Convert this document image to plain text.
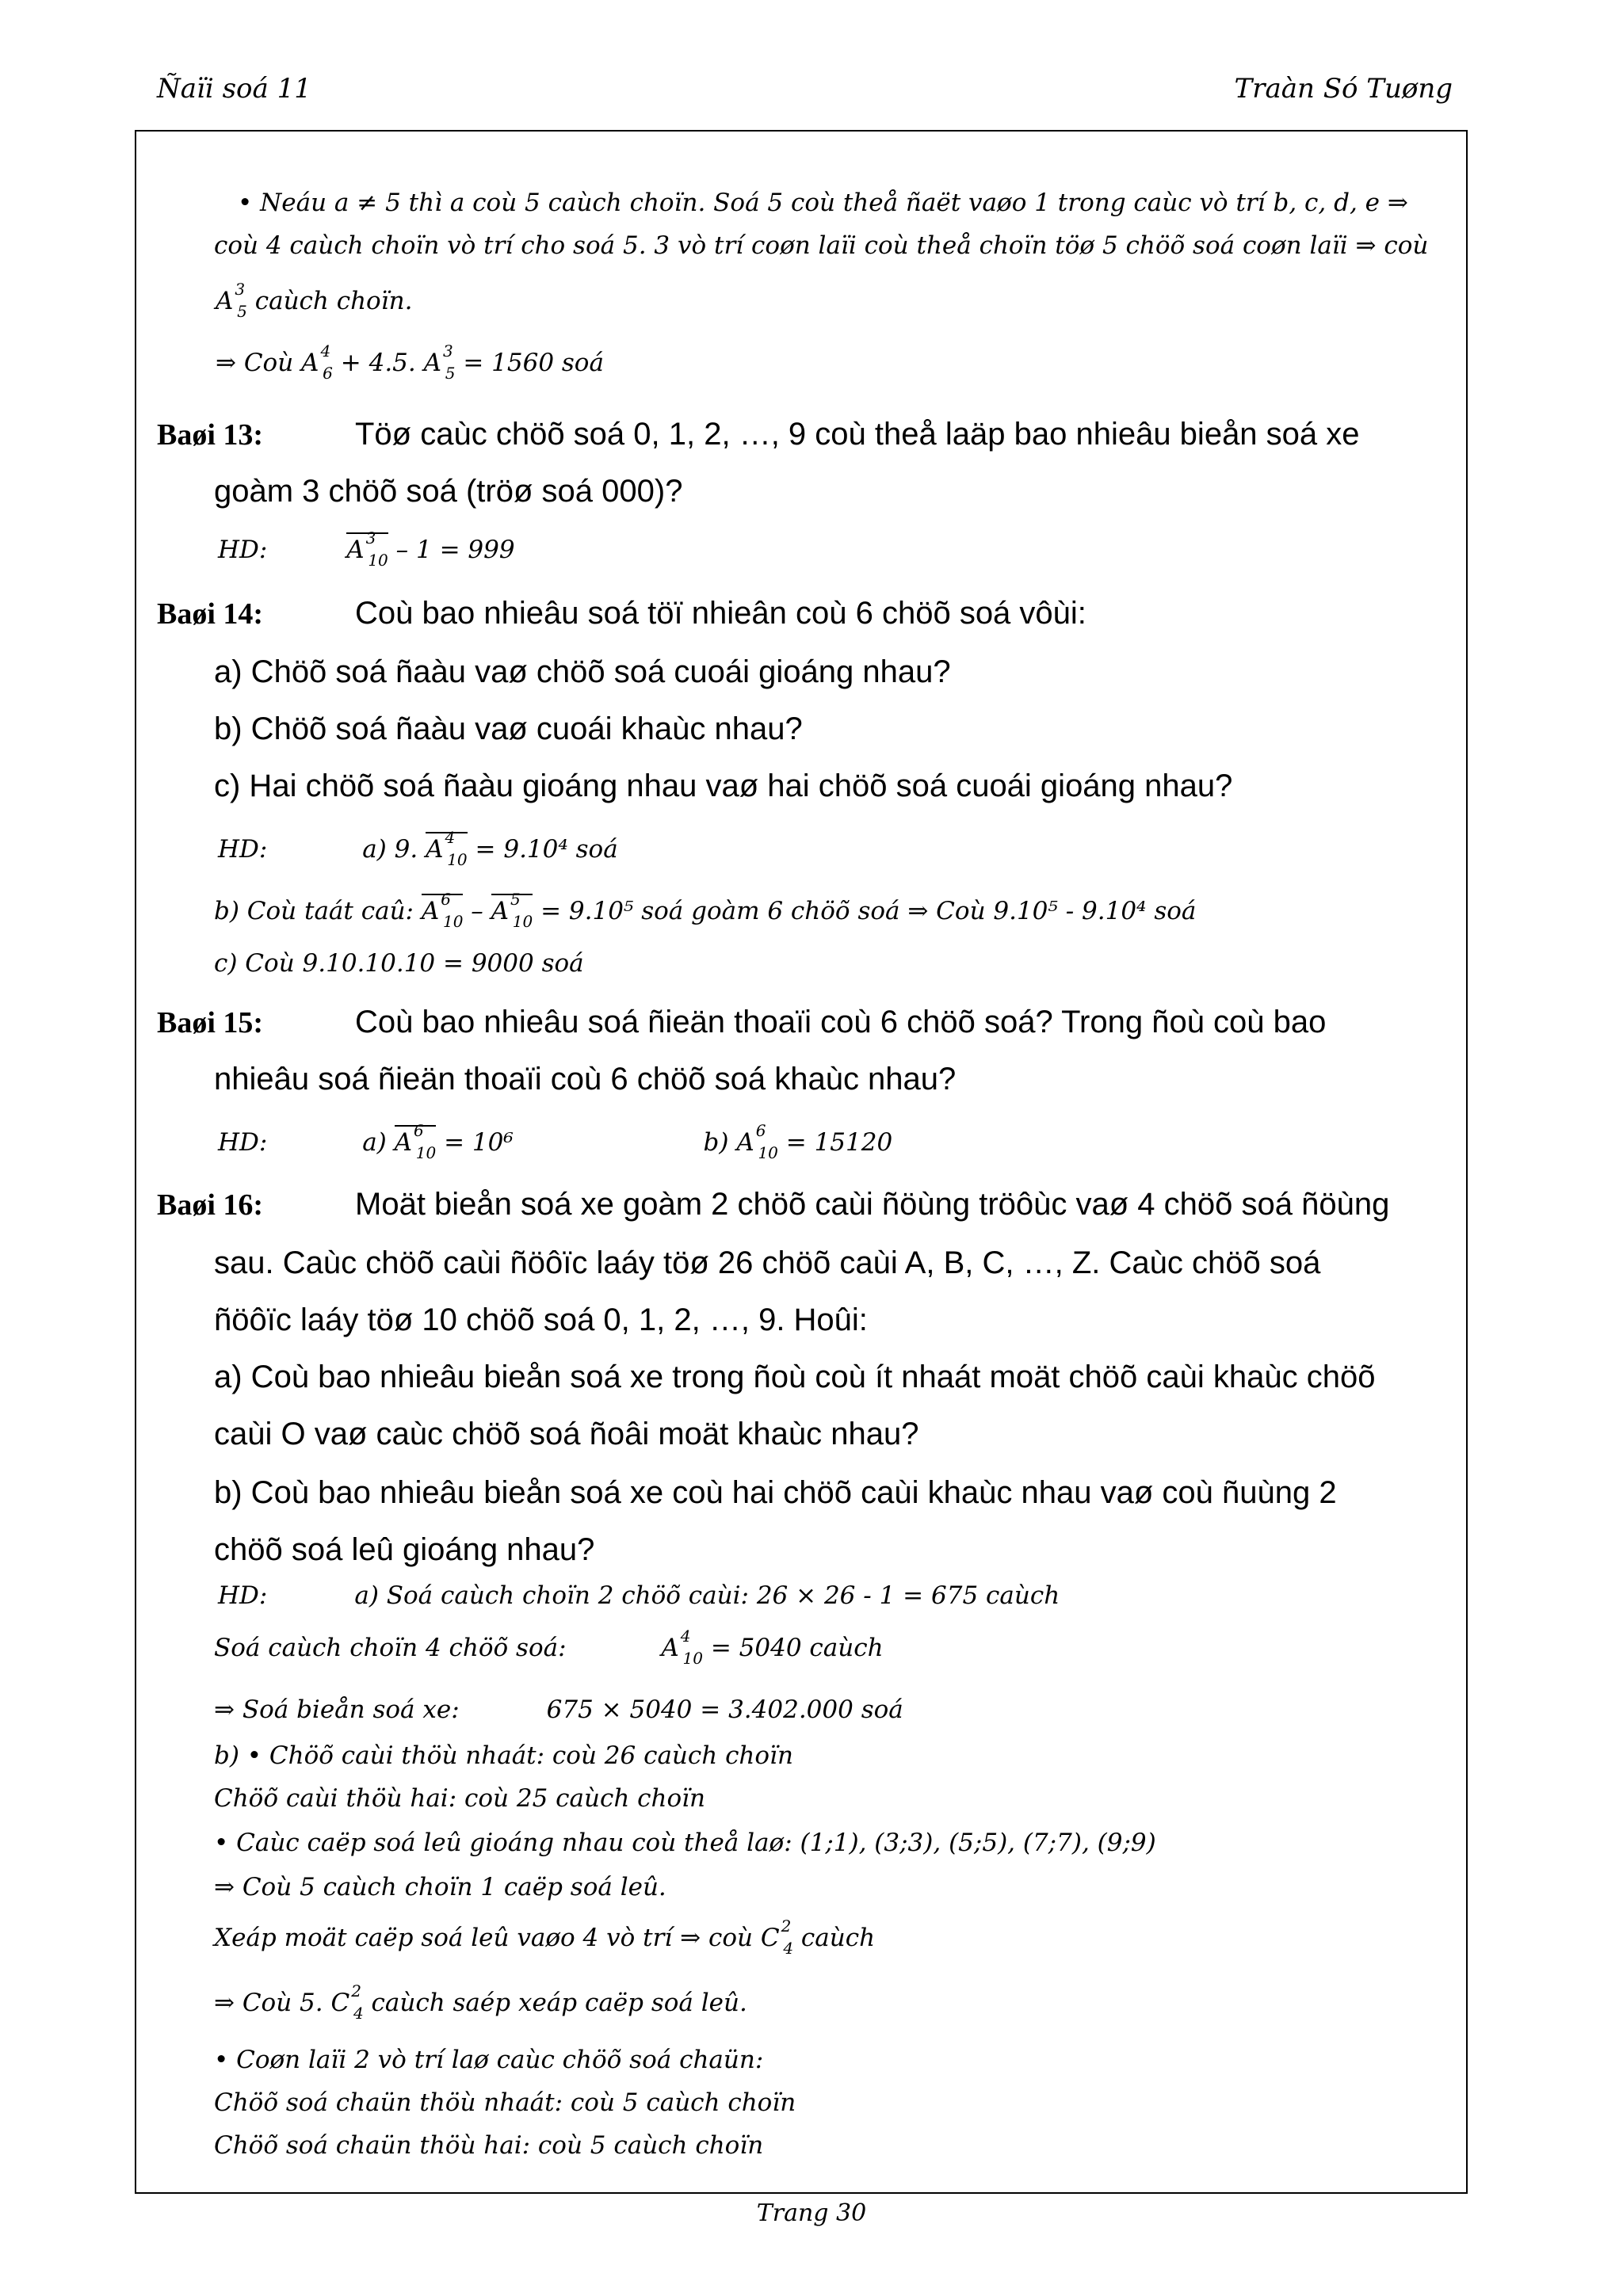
Ñaïi soá 11	Traàn Só Tuøng
• Neáu a ≠ 5 thì a coù 5 caùch choïn. Soá 5 coù theå ñaët vaøo 1 trong caùc vò trí b, c, d, e ⇒
coù 4 caùch choïn vò trí cho soá 5. 3 vò trí coøn laïi coù theå choïn töø 5 chöõ soá coøn laïi ⇒ coù
A $^3_5$ caùch choïn.
⇒ Coù A $^4_6$ + 4.5. A $^3_5$ = 1560 soá
Baøi 13:	Töø caùc chöõ soá 0, 1, 2, …, 9 coù theå laäp bao nhieâu bieån soá xe
goàm 3 chöõ soá (tröø soá 000)?
HD:	A $^3_{10}$ – 1 = 999
Baøi 14:	Coù bao nhieâu soá töï nhieân coù 6 chöõ soá vôùi:
a) Chöõ soá ñaàu vaø chöõ soá cuoái gioáng nhau?
b) Chöõ soá ñaàu vaø cuoái khaùc nhau?
c) Hai chöõ soá ñaàu gioáng nhau vaø hai chöõ soá cuoái gioáng nhau?
HD:	a) 9. A $^4_{10}$ = 9.10⁴ soá
b) Coù taát caû: A $^6_{10}$ – A $^5_{10}$ = 9.10⁵ soá goàm 6 chöõ soá ⇒ Coù 9.10⁵ - 9.10⁴ soá
c) Coù 9.10.10.10 = 9000 soá
Baøi 15:	Coù bao nhieâu soá ñieän thoaïi coù 6 chöõ soá? Trong ñoù coù bao
nhieâu soá ñieän thoaïi coù 6 chöõ soá khaùc nhau?
HD:	a) A $^6_{10}$ = 10⁶	b) A $^6_{10}$ = 15120
Baøi 16:	Moät bieån soá xe goàm 2 chöõ caùi ñöùng tröôùc vaø 4 chöõ soá ñöùng
sau. Caùc chöõ caùi ñöôïc laáy töø 26 chöõ caùi A, B, C, …, Z. Caùc chöõ soá
ñöôïc laáy töø 10 chöõ soá 0, 1, 2, …, 9. Hoûi:
a) Coù bao nhieâu bieån soá xe trong ñoù coù ít nhaát moät chöõ caùi khaùc chöõ
caùi O vaø caùc chöõ soá ñoâi moät khaùc nhau?
b) Coù bao nhieâu bieån soá xe coù hai chöõ caùi khaùc nhau vaø coù ñuùng 2
chöõ soá leû gioáng nhau?
HD:	a) Soá caùch choïn 2 chöõ caùi: 26 × 26 - 1 = 675 caùch
Soá caùch choïn 4 chöõ soá:	A $^4_{10}$ = 5040 caùch
⇒ Soá bieån soá xe:	675 × 5040 = 3.402.000 soá
b) • Chöõ caùi thöù nhaát: coù 26 caùch choïn
Chöõ caùi thöù hai: coù 25 caùch choïn
• Caùc caëp soá leû gioáng nhau coù theå laø: (1;1), (3;3), (5;5), (7;7), (9;9)
⇒ Coù 5 caùch choïn 1 caëp soá leû.
Xeáp moät caëp soá leû vaøo 4 vò trí ⇒ coù C $^2_4$ caùch
⇒ Coù 5. C $^2_4$ caùch saép xeáp caëp soá leû.
• Coøn laïi 2 vò trí laø caùc chöõ soá chaün:
Chöõ soá chaün thöù nhaát: coù 5 caùch choïn
Chöõ soá chaün thöù hai: coù 5 caùch choïn
Trang 30
